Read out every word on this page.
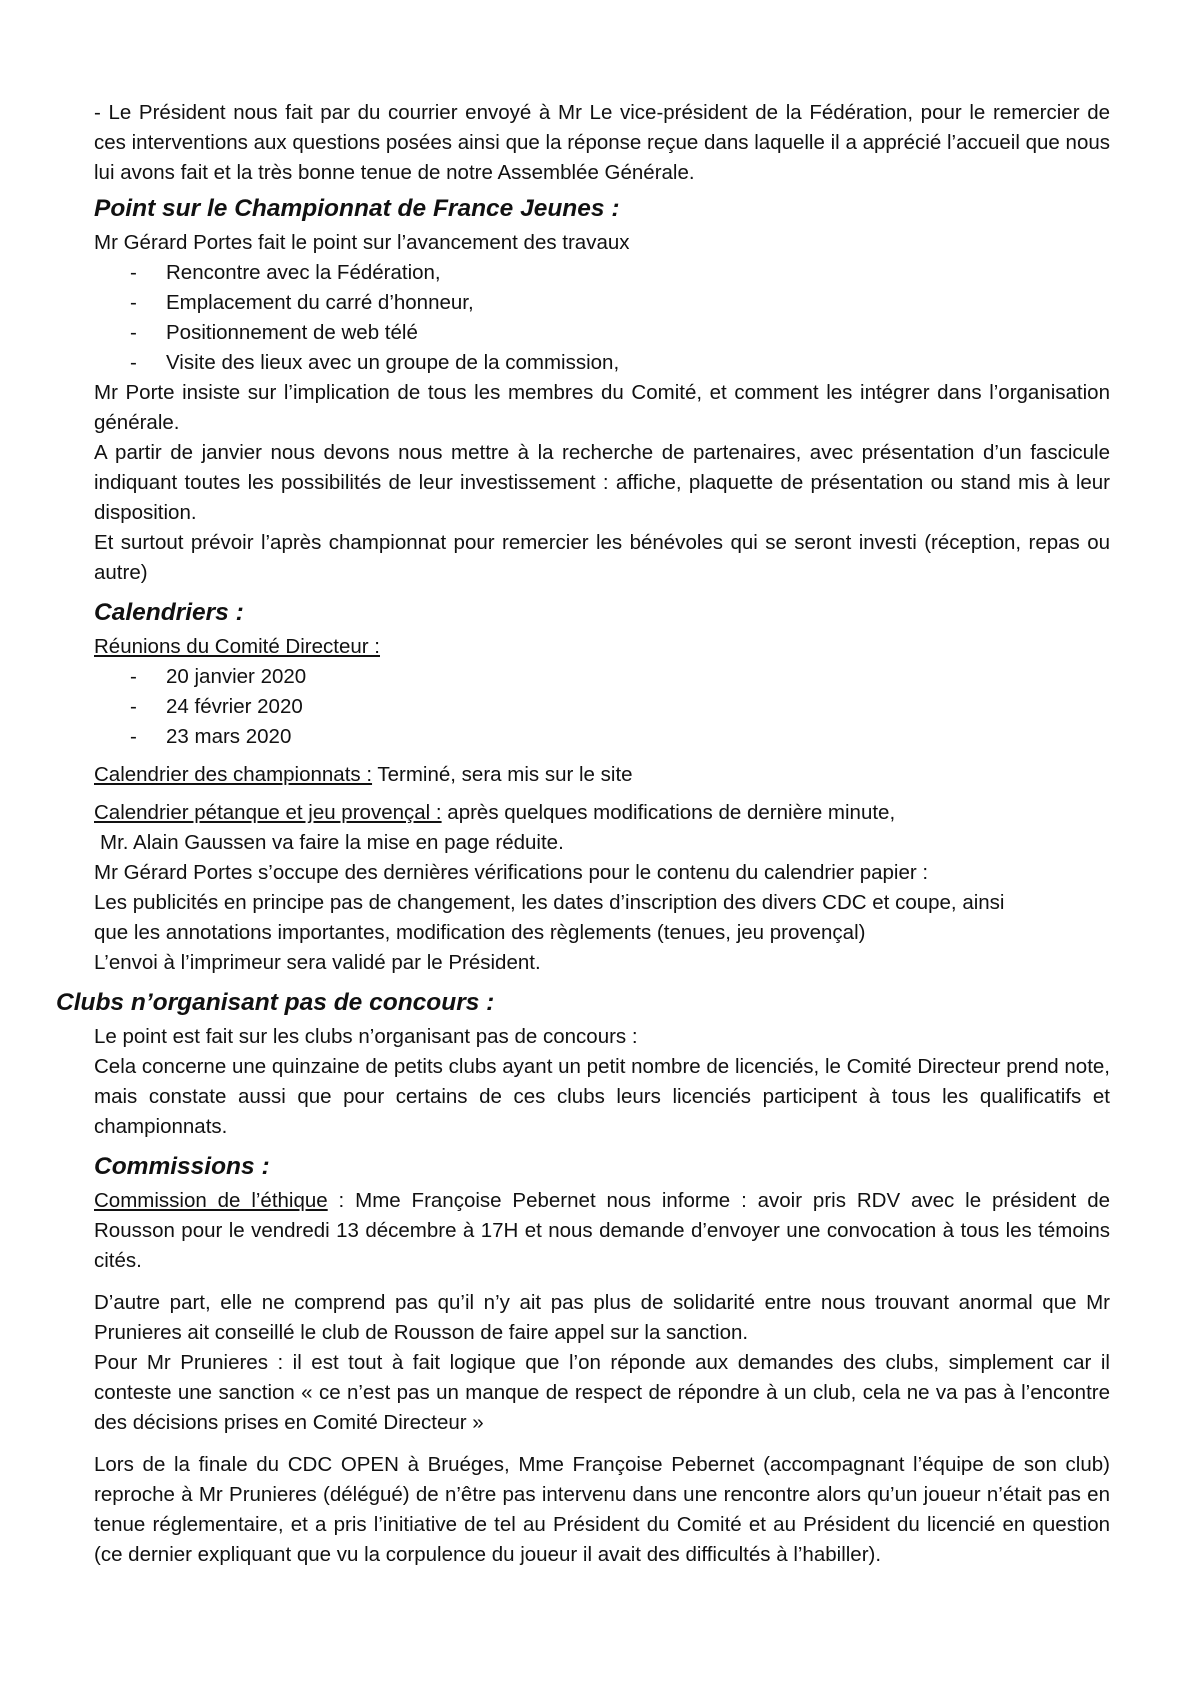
- Le Président nous fait par du courrier envoyé à Mr Le vice-président de la Fédération, pour le remercier de ces interventions aux questions posées ainsi que la réponse reçue dans laquelle il a apprécié l’accueil que nous lui avons fait et la très bonne tenue de notre Assemblée Générale.

Point sur le Championnat de France Jeunes :

Mr Gérard Portes fait le point sur l’avancement des travaux

- Rencontre avec la Fédération,
- Emplacement du carré d’honneur,
- Positionnement de web télé
- Visite des lieux avec un groupe de la commission,

Mr Porte insiste sur l’implication de tous les membres du Comité, et comment les intégrer dans l’organisation générale.

A partir de janvier nous devons nous mettre à la recherche de partenaires, avec présentation d’un fascicule indiquant toutes les possibilités de leur investissement : affiche, plaquette de présentation ou stand mis à leur disposition.

Et surtout prévoir l’après championnat pour remercier les bénévoles qui se seront investi (réception, repas ou autre)

Calendriers :

Réunions du Comité Directeur :

- 20 janvier 2020
- 24 février 2020
- 23 mars 2020

Calendrier des championnats : Terminé, sera mis sur le site

Calendrier pétanque et jeu provençal : après quelques modifications de dernière minute,

Mr. Alain Gaussen va faire la mise en page réduite.

Mr Gérard Portes s’occupe des dernières vérifications pour le contenu du calendrier papier :

Les publicités en principe pas de changement, les dates d’inscription des divers CDC et coupe, ainsi

que les annotations importantes, modification des règlements (tenues, jeu provençal)

L’envoi à l’imprimeur sera validé par le Président.

Clubs n’organisant pas de concours :

Le point est fait sur les clubs n’organisant pas de concours :

Cela concerne une quinzaine de petits clubs ayant un petit nombre de licenciés, le Comité Directeur prend note, mais constate aussi que pour certains de ces clubs leurs licenciés participent à tous les qualificatifs et championnats.

Commissions :

Commission de l’éthique : Mme Françoise Pebernet nous informe : avoir pris RDV avec le président de Rousson pour le vendredi 13 décembre à 17H et nous demande d’envoyer une convocation à tous les témoins cités.

D’autre part, elle ne comprend pas qu’il n’y ait pas plus de solidarité entre nous trouvant anormal que Mr Prunieres ait conseillé le club de Rousson de faire appel sur la sanction.

Pour Mr Prunieres : il est tout à fait logique que l’on réponde aux demandes des clubs, simplement car il conteste une sanction « ce n’est pas un manque de respect de répondre à un club, cela ne va pas à l’encontre des décisions prises en Comité Directeur »

Lors de la finale du CDC OPEN à Bruéges, Mme Françoise Pebernet (accompagnant l’équipe de son club) reproche à Mr Prunieres (délégué) de n’être pas intervenu dans une rencontre alors qu’un joueur n’était pas en tenue réglementaire, et a pris l’initiative de tel au Président du Comité et au Président du licencié en question (ce dernier expliquant que vu la corpulence du joueur il avait des difficultés à l’habiller).
